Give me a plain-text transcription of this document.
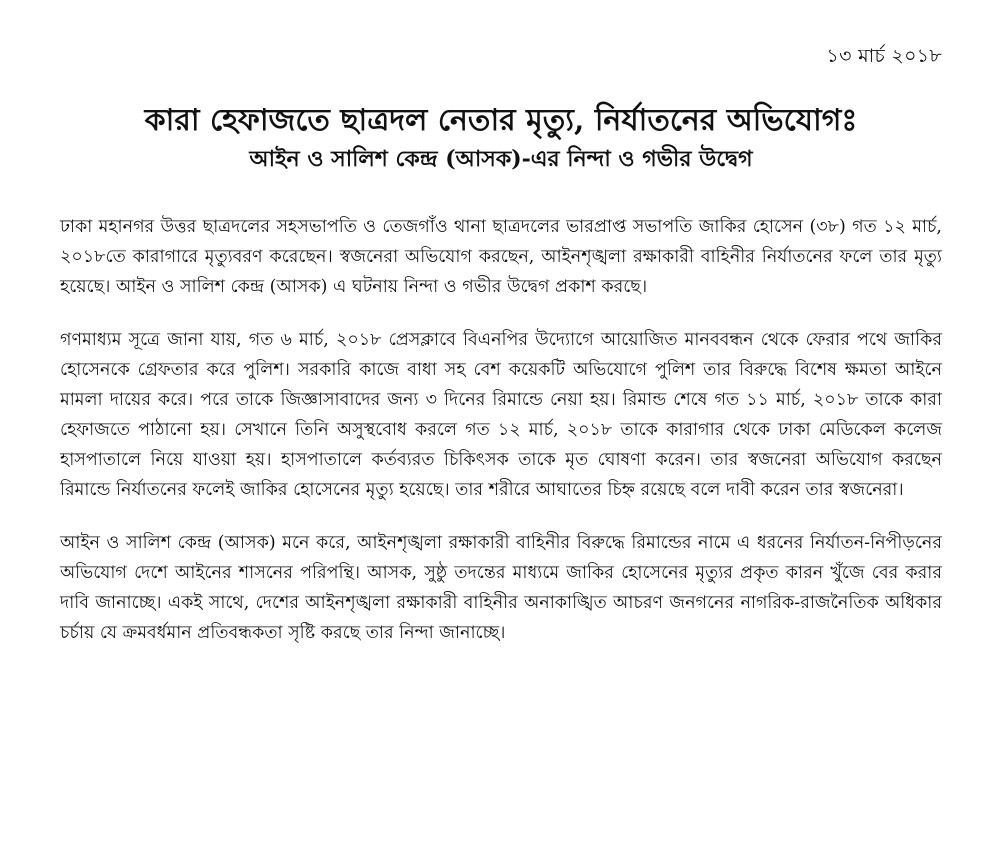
১৩ মার্চ ২০১৮
কারা হেফাজতে ছাত্রদল নেতার মৃত্যু, নির্যাতনের অভিযোগঃ
আইন ও সালিশ কেন্দ্র (আসক)-এর নিন্দা ও গভীর উদ্বেগ

ঢাকা মহানগর উত্তর ছাত্রদলের সহসভাপতি ও তেজগাঁও থানা ছাত্রদলের ভারপ্রাপ্ত সভাপতি জাকির হোসেন (৩৮) গত ১২ মার্চ, ২০১৮তে কারাগারে মৃত্যুবরণ করেছেন। স্বজনেরা অভিযোগ করছেন, আইনশৃঙ্খলা রক্ষাকারী বাহিনীর নির্যাতনের ফলে তার মৃত্যু হয়েছে। আইন ও সালিশ কেন্দ্র (আসক) এ ঘটনায় নিন্দা ও গভীর উদ্বেগ প্রকাশ করছে।

গণমাধ্যম সূত্রে জানা যায়, গত ৬ মার্চ, ২০১৮ প্রেসক্লাবে বিএনপির উদ্যোগে আয়োজিত মানববন্ধন থেকে ফেরার পথে জাকির হোসেনকে গ্রেফতার করে পুলিশ। সরকারি কাজে বাধা সহ বেশ কয়েকটি অভিযোগে পুলিশ তার বিরুদ্ধে বিশেষ ক্ষমতা আইনে মামলা দায়ের করে। পরে তাকে জিজ্ঞাসাবাদের জন্য ৩ দিনের রিমান্ডে নেয়া হয়। রিমান্ড শেষে গত ১১ মার্চ, ২০১৮ তাকে কারা হেফাজতে পাঠানো হয়। সেখানে তিনি অসুস্থবোধ করলে গত ১২ মার্চ, ২০১৮ তাকে কারাগার থেকে ঢাকা মেডিকেল কলেজ হাসপাতালে নিয়ে যাওয়া হয়। হাসপাতালে কর্তব্যরত চিকিৎসক তাকে মৃত ঘোষণা করেন। তার স্বজনেরা অভিযোগ করছেন রিমান্ডে নির্যাতনের ফলেই জাকির হোসেনের মৃত্যু হয়েছে। তার শরীরে আঘাতের চিহ্ন রয়েছে বলে দাবী করেন তার স্বজনেরা।

আইন ও সালিশ কেন্দ্র (আসক) মনে করে, আইনশৃঙ্খলা রক্ষাকারী বাহিনীর বিরুদ্ধে রিমান্ডের নামে এ ধরনের নির্যাতন-নিপীড়নের অভিযোগ দেশে আইনের শাসনের পরিপন্থি। আসক, সুষ্ঠু তদন্তের মাধ্যমে জাকির হোসেনের মৃত্যুর প্রকৃত কারন খুঁজে বের করার দাবি জানাচ্ছে। একই সাথে, দেশের আইনশৃঙ্খলা রক্ষাকারী বাহিনীর অনাকাঙ্খিত আচরণ জনগনের নাগরিক-রাজনৈতিক অধিকার চর্চায় যে ক্রমবর্ধমান প্রতিবন্ধকতা সৃষ্টি করছে তার নিন্দা জানাচ্ছে।
